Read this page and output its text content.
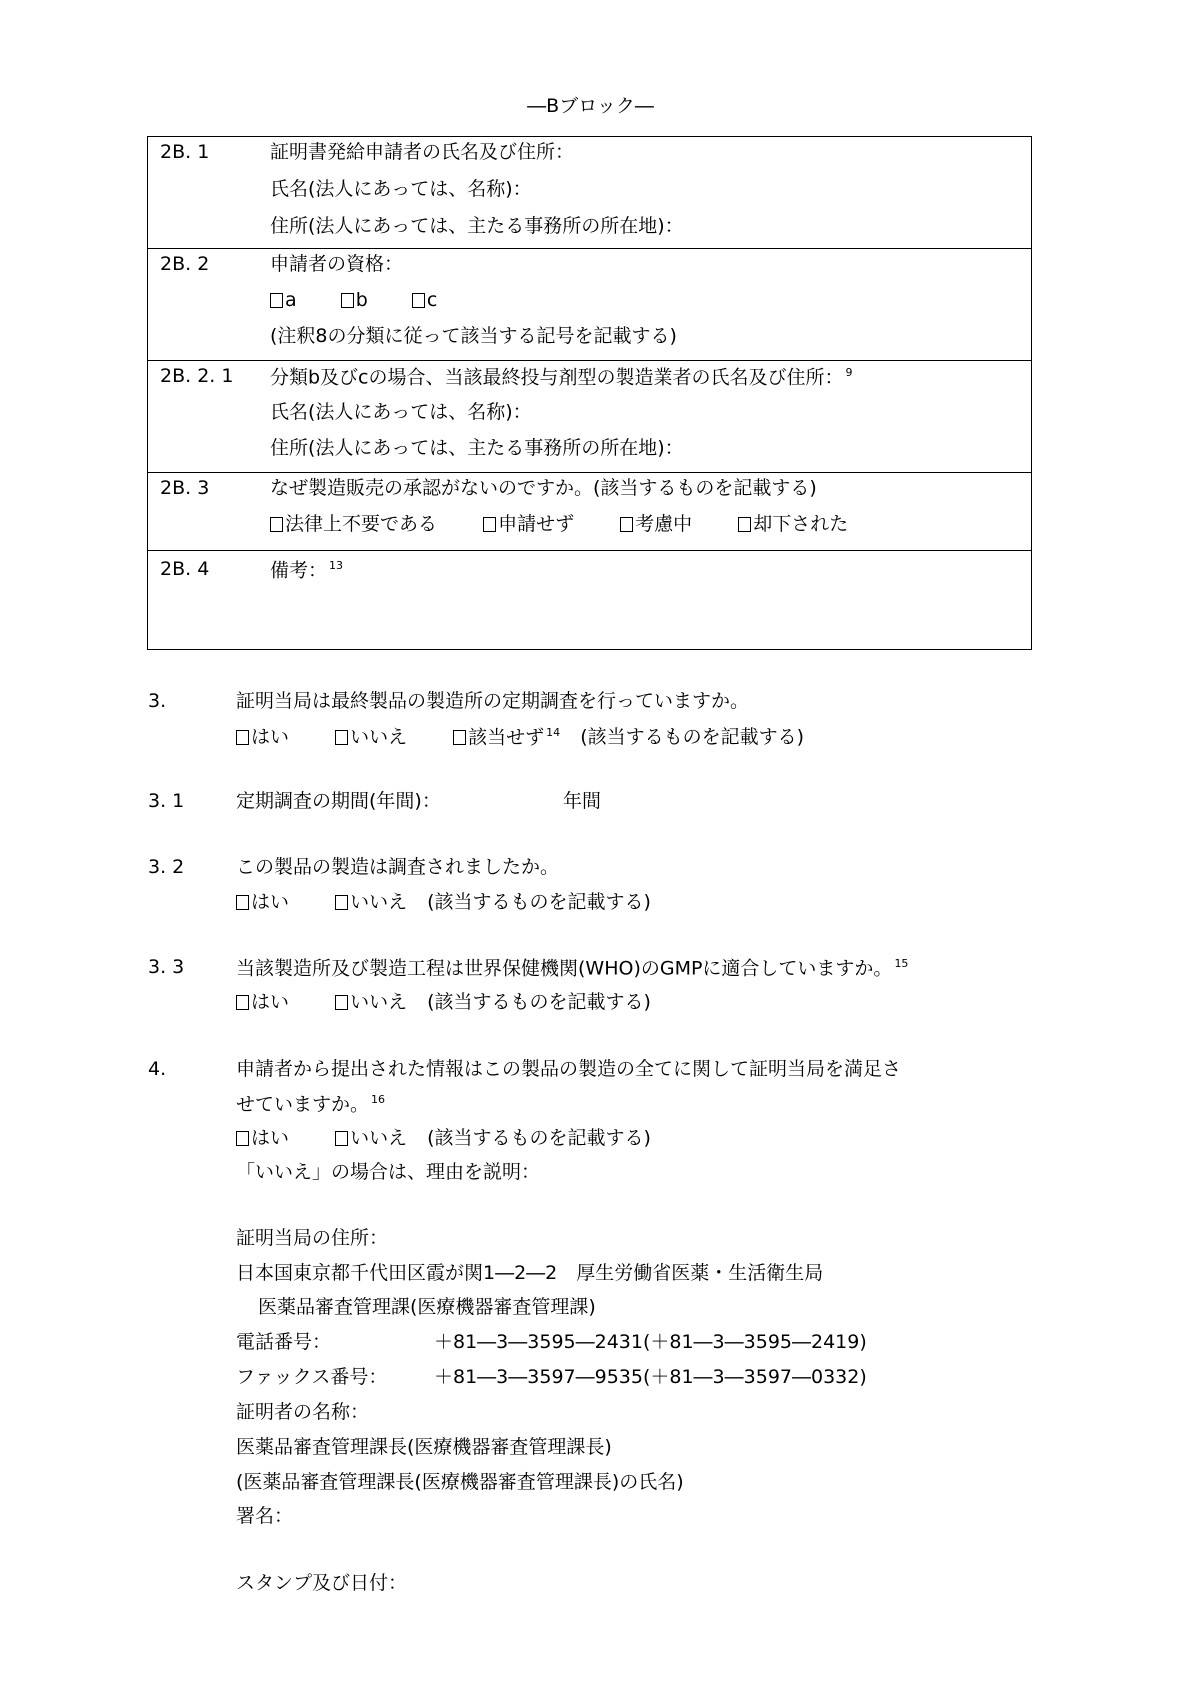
―Bブロック―
2B. 1	証明書発給申請者の氏名及び住所：
氏名(法人にあっては、名称)：
住所(法人にあっては、主たる事務所の所在地)：
2B. 2	申請者の資格：
a	b	c
(注釈8の分類に従って該当する記号を記載する)
2B. 2. 1 分類b及びcの場合、当該最終投与剤型の製造業者の氏名及び住所： $^9$
氏名(法人にあっては、名称)：
住所(法人にあっては、主たる事務所の所在地)：
2B. 3	なぜ製造販売の承認がないのですか。(該当するものを記載する)
法律上不要である	申請せず	考慮中	却下された
2B. 4	備考： $^{13}$
3.	証明当局は最終製品の製造所の定期調査を行っていますか。
はい	いいえ	該当せず $^{14}$ (該当するものを記載する)
3. 1	定期調査の期間(年間)：	年間
3. 2	この製品の製造は調査されましたか。
はい	いいえ (該当するものを記載する)
3. 3	当該製造所及び製造工程は世界保健機関(WHO)のGMPに適合していますか。 $^{15}$
はい	いいえ (該当するものを記載する)
4.	申請者から提出された情報はこの製品の製造の全てに関して証明当局を満足さ
せていますか。 $^{16}$
はい	いいえ (該当するものを記載する)
「いいえ」の場合は、理由を説明：
証明当局の住所：
日本国東京都千代田区霞が関1―2―2　厚生労働省医薬・生活衛生局
医薬品審査管理課(医療機器審査管理課)
電話番号：	＋81―3―3595―2431(＋81―3―3595―2419)
ファックス番号： ＋81―3―3597―9535(＋81―3―3597―0332)
証明者の名称：
医薬品審査管理課長(医療機器審査管理課長)
(医薬品審査管理課長(医療機器審査管理課長)の氏名)
署名：
スタンプ及び日付：
